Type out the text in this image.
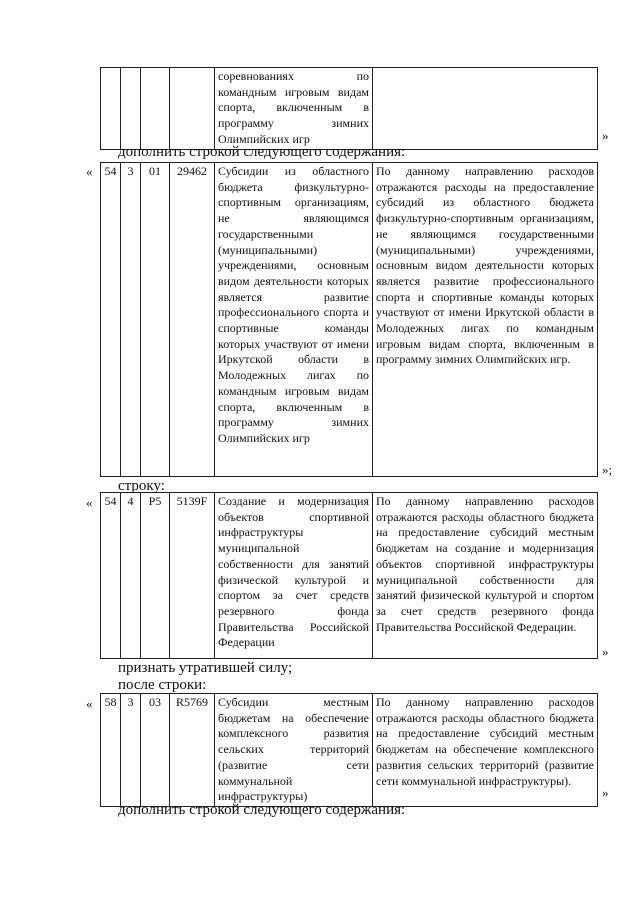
				соревнованиях по командным игровым видам спорта, включенным в программу зимних Олимпийских игр		»
дополнить строкой следующего содержания:
« 54	3	01	29462	Субсидии из областного бюджета физкультурно-спортивным организациям, не являющимся государственными (муниципальными) учреждениями, основным видом деятельности которых является развитие профессионального спорта и спортивные команды которых участвуют от имени Иркутской области в Молодежных лигах по командным игровым видам спорта, включенным в программу зимних Олимпийских игр	По данному направлению расходов отражаются расходы на предоставление субсидий из областного бюджета физкультурно-спортивным организациям, не являющимся государственными (муниципальными) учреждениями, основным видом деятельности которых является развитие профессионального спорта и спортивные команды которых участвуют от имени Иркутской области в Молодежных лигах по командным игровым видам спорта, включенным в программу зимних Олимпийских игр.
»;
строку:
« 54	4	P5	5139F	Создание и модернизация объектов спортивной инфраструктуры муниципальной собственности для занятий физической культурой и спортом за счет средств резервного фонда Правительства Российской Федерации	По данному направлению расходов отражаются расходы областного бюджета на предоставление субсидий местным бюджетам на создание и модернизация объектов спортивной инфраструктуры муниципальной собственности для занятий физической культурой и спортом за счет средств резервного фонда Правительства Российской Федерации.
»
признать утратившей силу;
после строки:
« 58	3	03	R5769	Субсидии местным бюджетам на обеспечение комплексного развития сельских территорий (развитие сети коммунальной инфраструктуры)	По данному направлению расходов отражаются расходы областного бюджета на предоставление субсидий местным бюджетам на обеспечение комплексного развития сельских территорий (развитие сети коммунальной инфраструктуры).
»
дополнить строкой следующего содержания:
